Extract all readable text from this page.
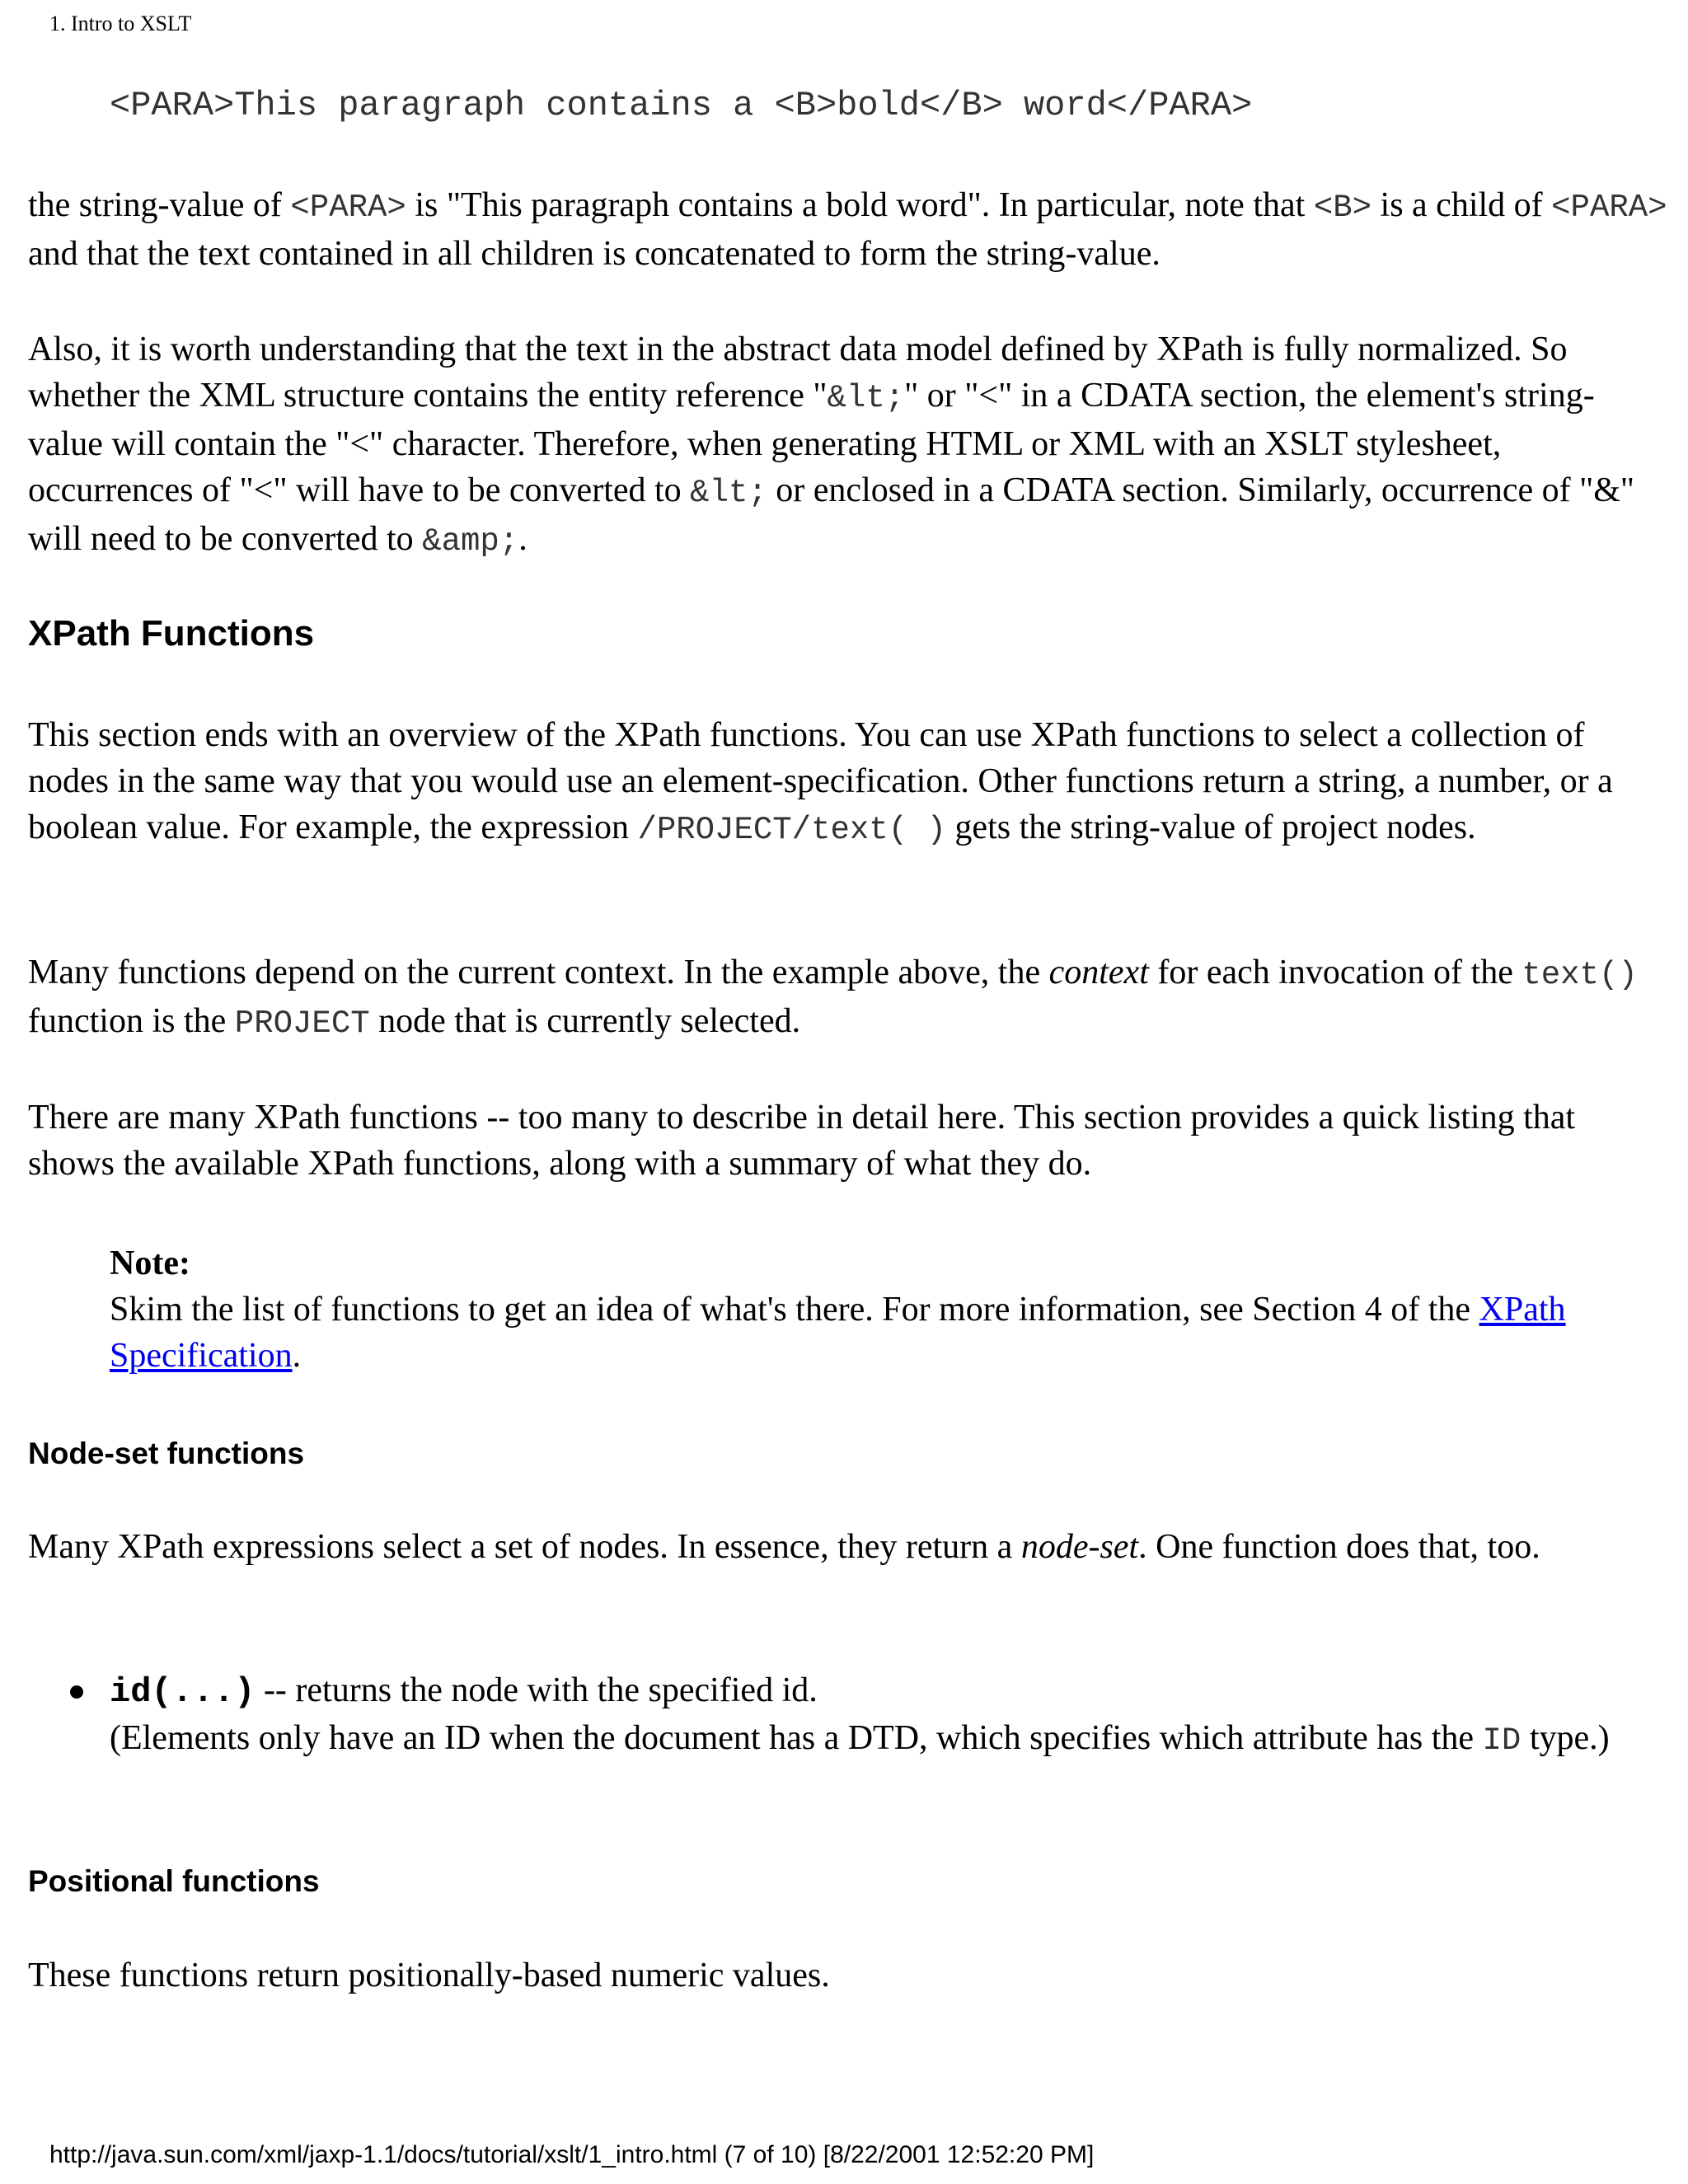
1. Intro to XSLT
<PARA>This paragraph contains a <B>bold</B> word</PARA>

the string-value of <PARA> is "This paragraph contains a bold word". In particular, note that <B> is a child of <PARA> and that the text contained in all children is concatenated to form the string-value.

Also, it is worth understanding that the text in the abstract data model defined by XPath is fully normalized. So whether the XML structure contains the entity reference "&lt;" or "<" in a CDATA section, the element's string-value will contain the "<" character. Therefore, when generating HTML or XML with an XSLT stylesheet, occurrences of "<" will have to be converted to &lt; or enclosed in a CDATA section. Similarly, occurrence of "&" will need to be converted to &amp;.

XPath Functions

This section ends with an overview of the XPath functions. You can use XPath functions to select a collection of nodes in the same way that you would use an element-specification. Other functions return a string, a number, or a boolean value. For example, the expression /PROJECT/text( ) gets the string-value of project nodes.

Many functions depend on the current context. In the example above, the context for each invocation of the text() function is the PROJECT node that is currently selected.

There are many XPath functions -- too many to describe in detail here. This section provides a quick listing that shows the available XPath functions, along with a summary of what they do.

Node-set functions

Many XPath expressions select a set of nodes. In essence, they return a node-set. One function does that, too.

Positional functions

These functions return positionally-based numeric values.

Note:
Skim the list of functions to get an idea of what's there. For more information, see Section 4 of the XPath Specification.
id(...) -- returns the node with the specified id.
(Elements only have an ID when the document has a DTD, which specifies which attribute has the ID type.)
http://java.sun.com/xml/jaxp-1.1/docs/tutorial/xslt/1_intro.html (7 of 10) [8/22/2001 12:52:20 PM]
